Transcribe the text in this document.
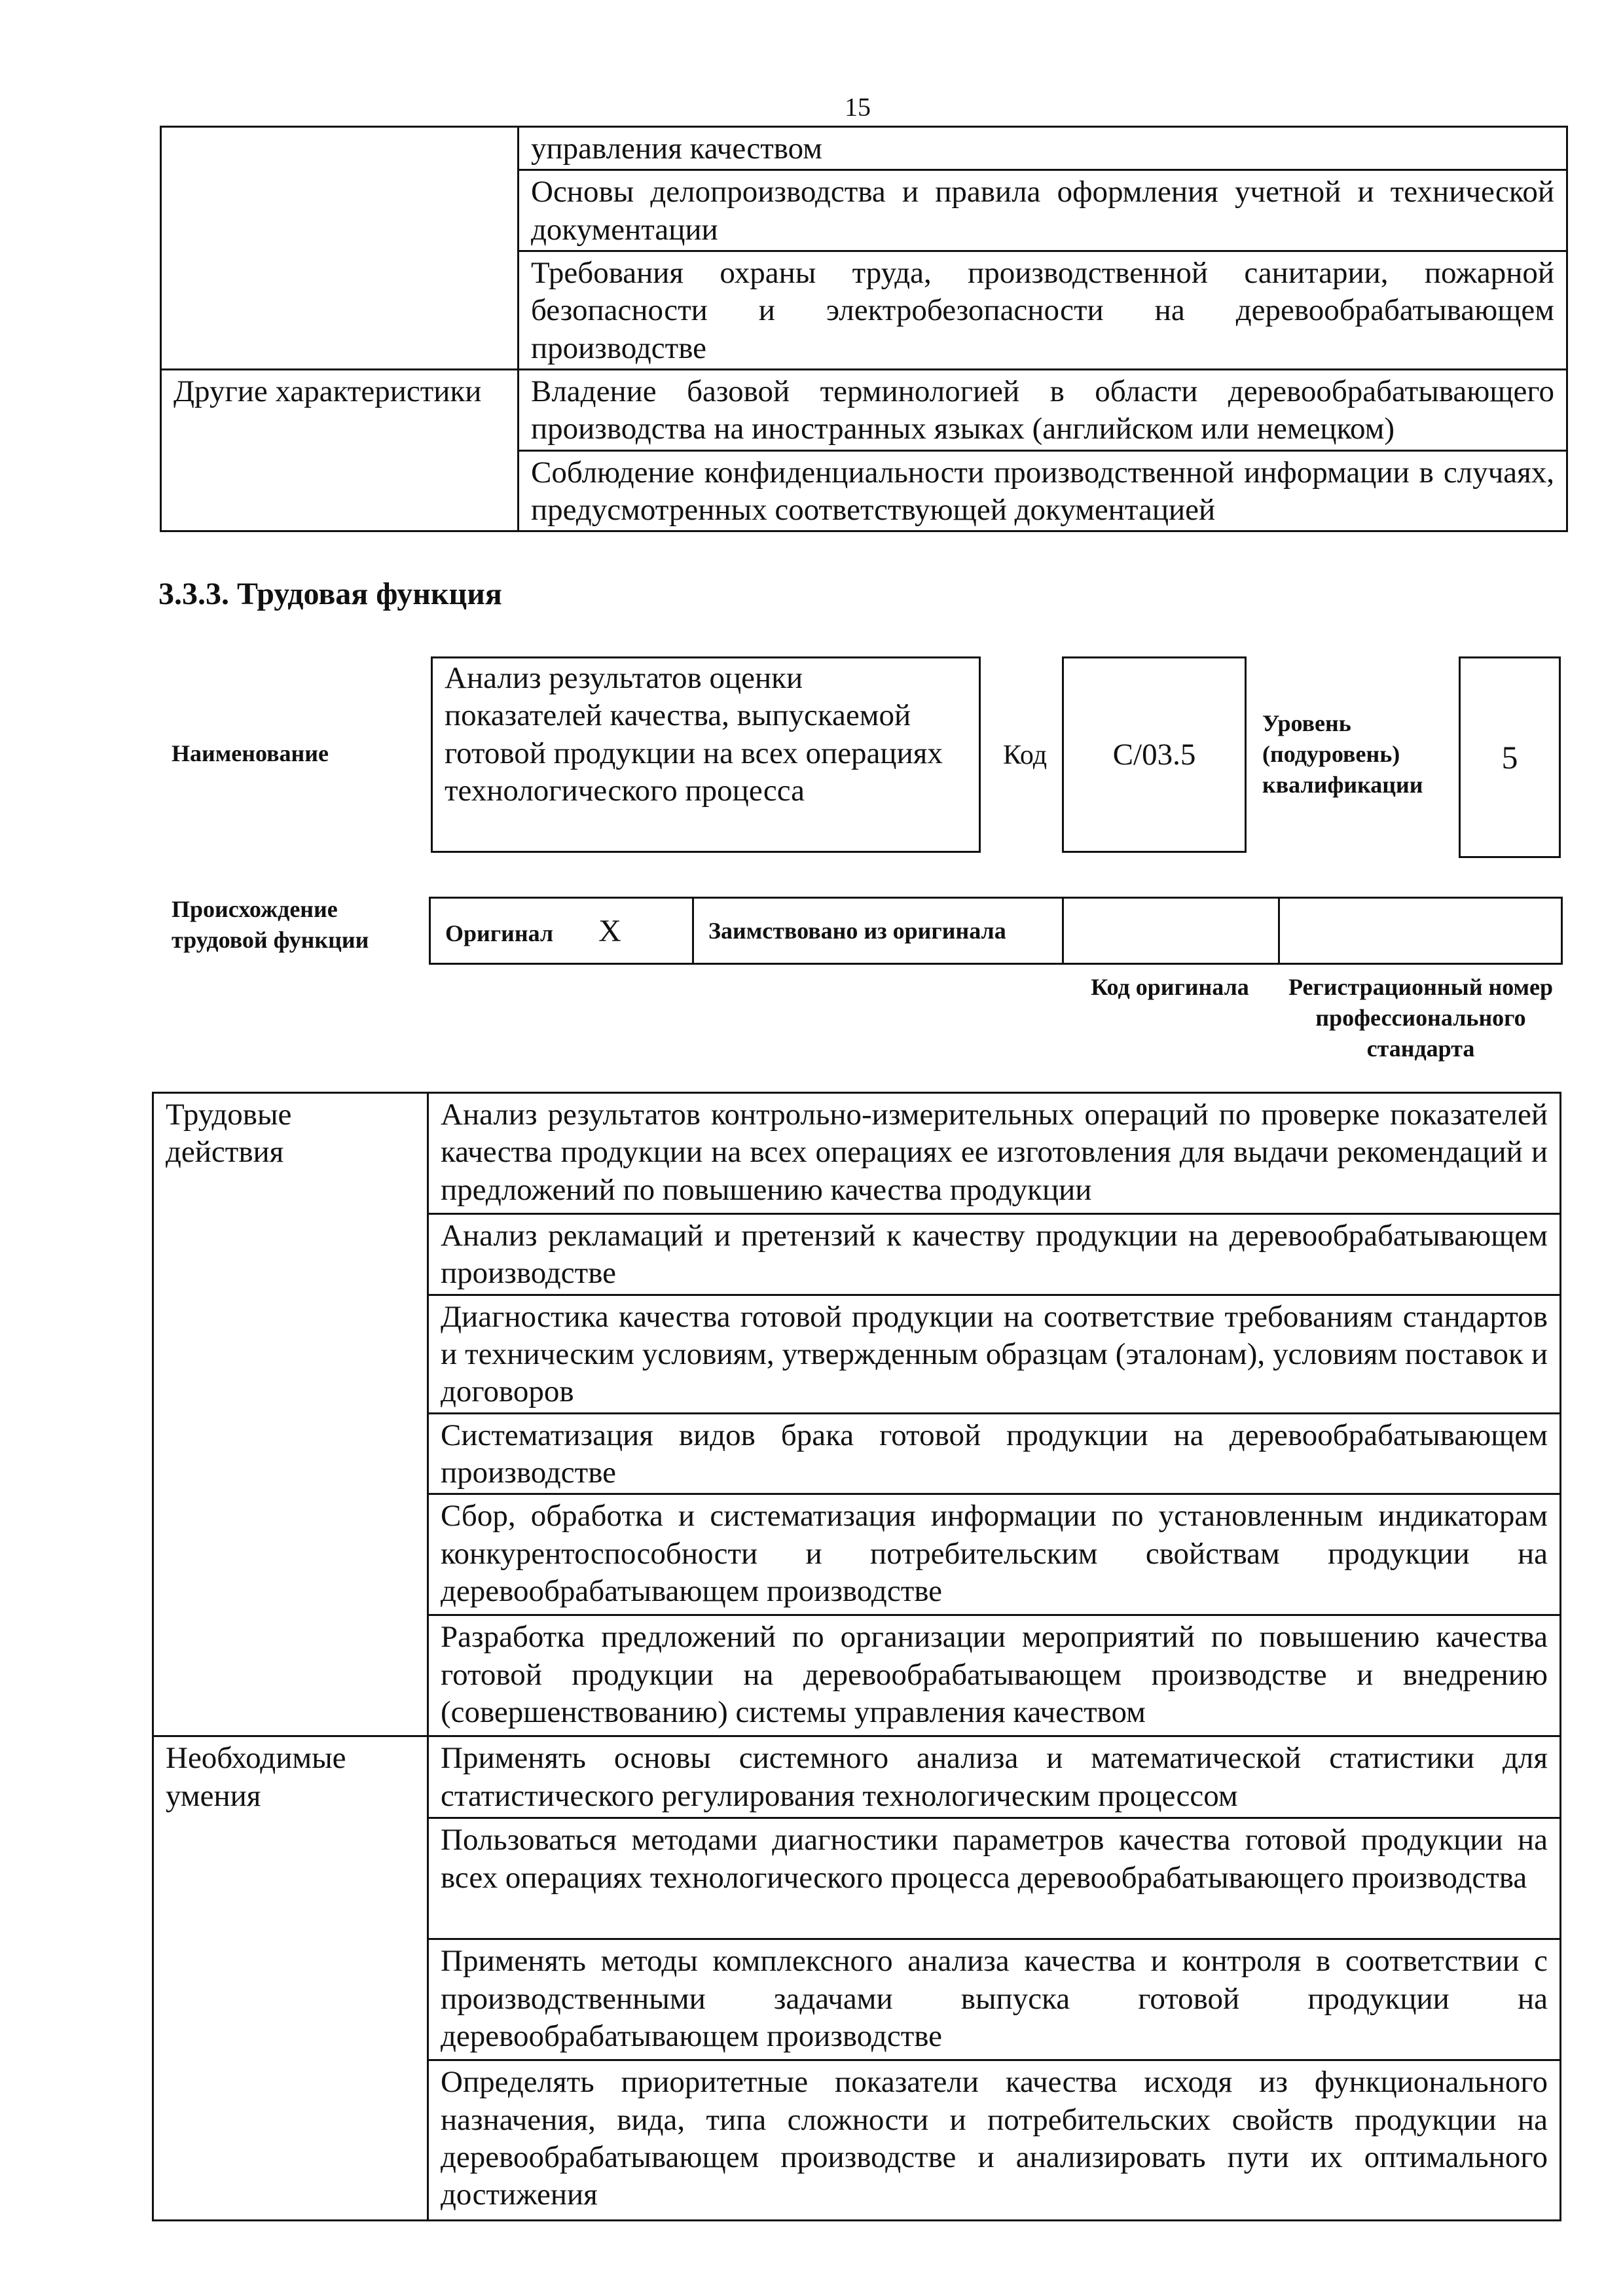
15
	управления качеством
	Основы делопроизводства и правила оформления учетной и технической документации
	Требования охраны труда, производственной санитарии, пожарной безопасности и электробезопасности на деревообрабатывающем производстве
Другие характеристики	Владение базовой терминологией в области деревообрабатывающего производства на иностранных языках (английском или немецком)
	Соблюдение конфиденциальности производственной информации в случаях, предусмотренных соответствующей документацией
3.3.3. Трудовая функция
Наименование
Анализ результатов оценки показателей качества, выпускаемой готовой продукции на всех операциях технологического процесса
Код	C/03.5
Уровень (подуровень) квалификации
5
Происхождение трудовой функции	Оригинал X	Заимствовано из оригинала		
Код оригинала	Регистрационный номер профессионального стандарта
Трудовые действия	Анализ результатов контрольно-измерительных операций по проверке показателей качества продукции на всех операциях ее изготовления для выдачи рекомендаций и предложений по повышению качества продукции
	Анализ рекламаций и претензий к качеству продукции на деревообрабатывающем производстве
	Диагностика качества готовой продукции на соответствие требованиям стандартов и техническим условиям, утвержденным образцам (эталонам), условиям поставок и договоров
	Систематизация видов брака готовой продукции на деревообрабатывающем производстве
	Сбор, обработка и систематизация информации по установленным индикаторам конкурентоспособности и потребительским свойствам продукции на деревообрабатывающем производстве
	Разработка предложений по организации мероприятий по повышению качества готовой продукции на деревообрабатывающем производстве и внедрению (совершенствованию) системы управления качеством
Необходимые умения	Применять основы системного анализа и математической статистики для статистического регулирования технологическим процессом
	Пользоваться методами диагностики параметров качества готовой продукции на всех операциях технологического процесса деревообрабатывающего производства
	Применять методы комплексного анализа качества и контроля в соответствии с производственными задачами выпуска готовой продукции на деревообрабатывающем производстве
	Определять приоритетные показатели качества исходя из функционального назначения, вида, типа сложности и потребительских свойств продукции на деревообрабатывающем производстве и анализировать пути их оптимального достижения
